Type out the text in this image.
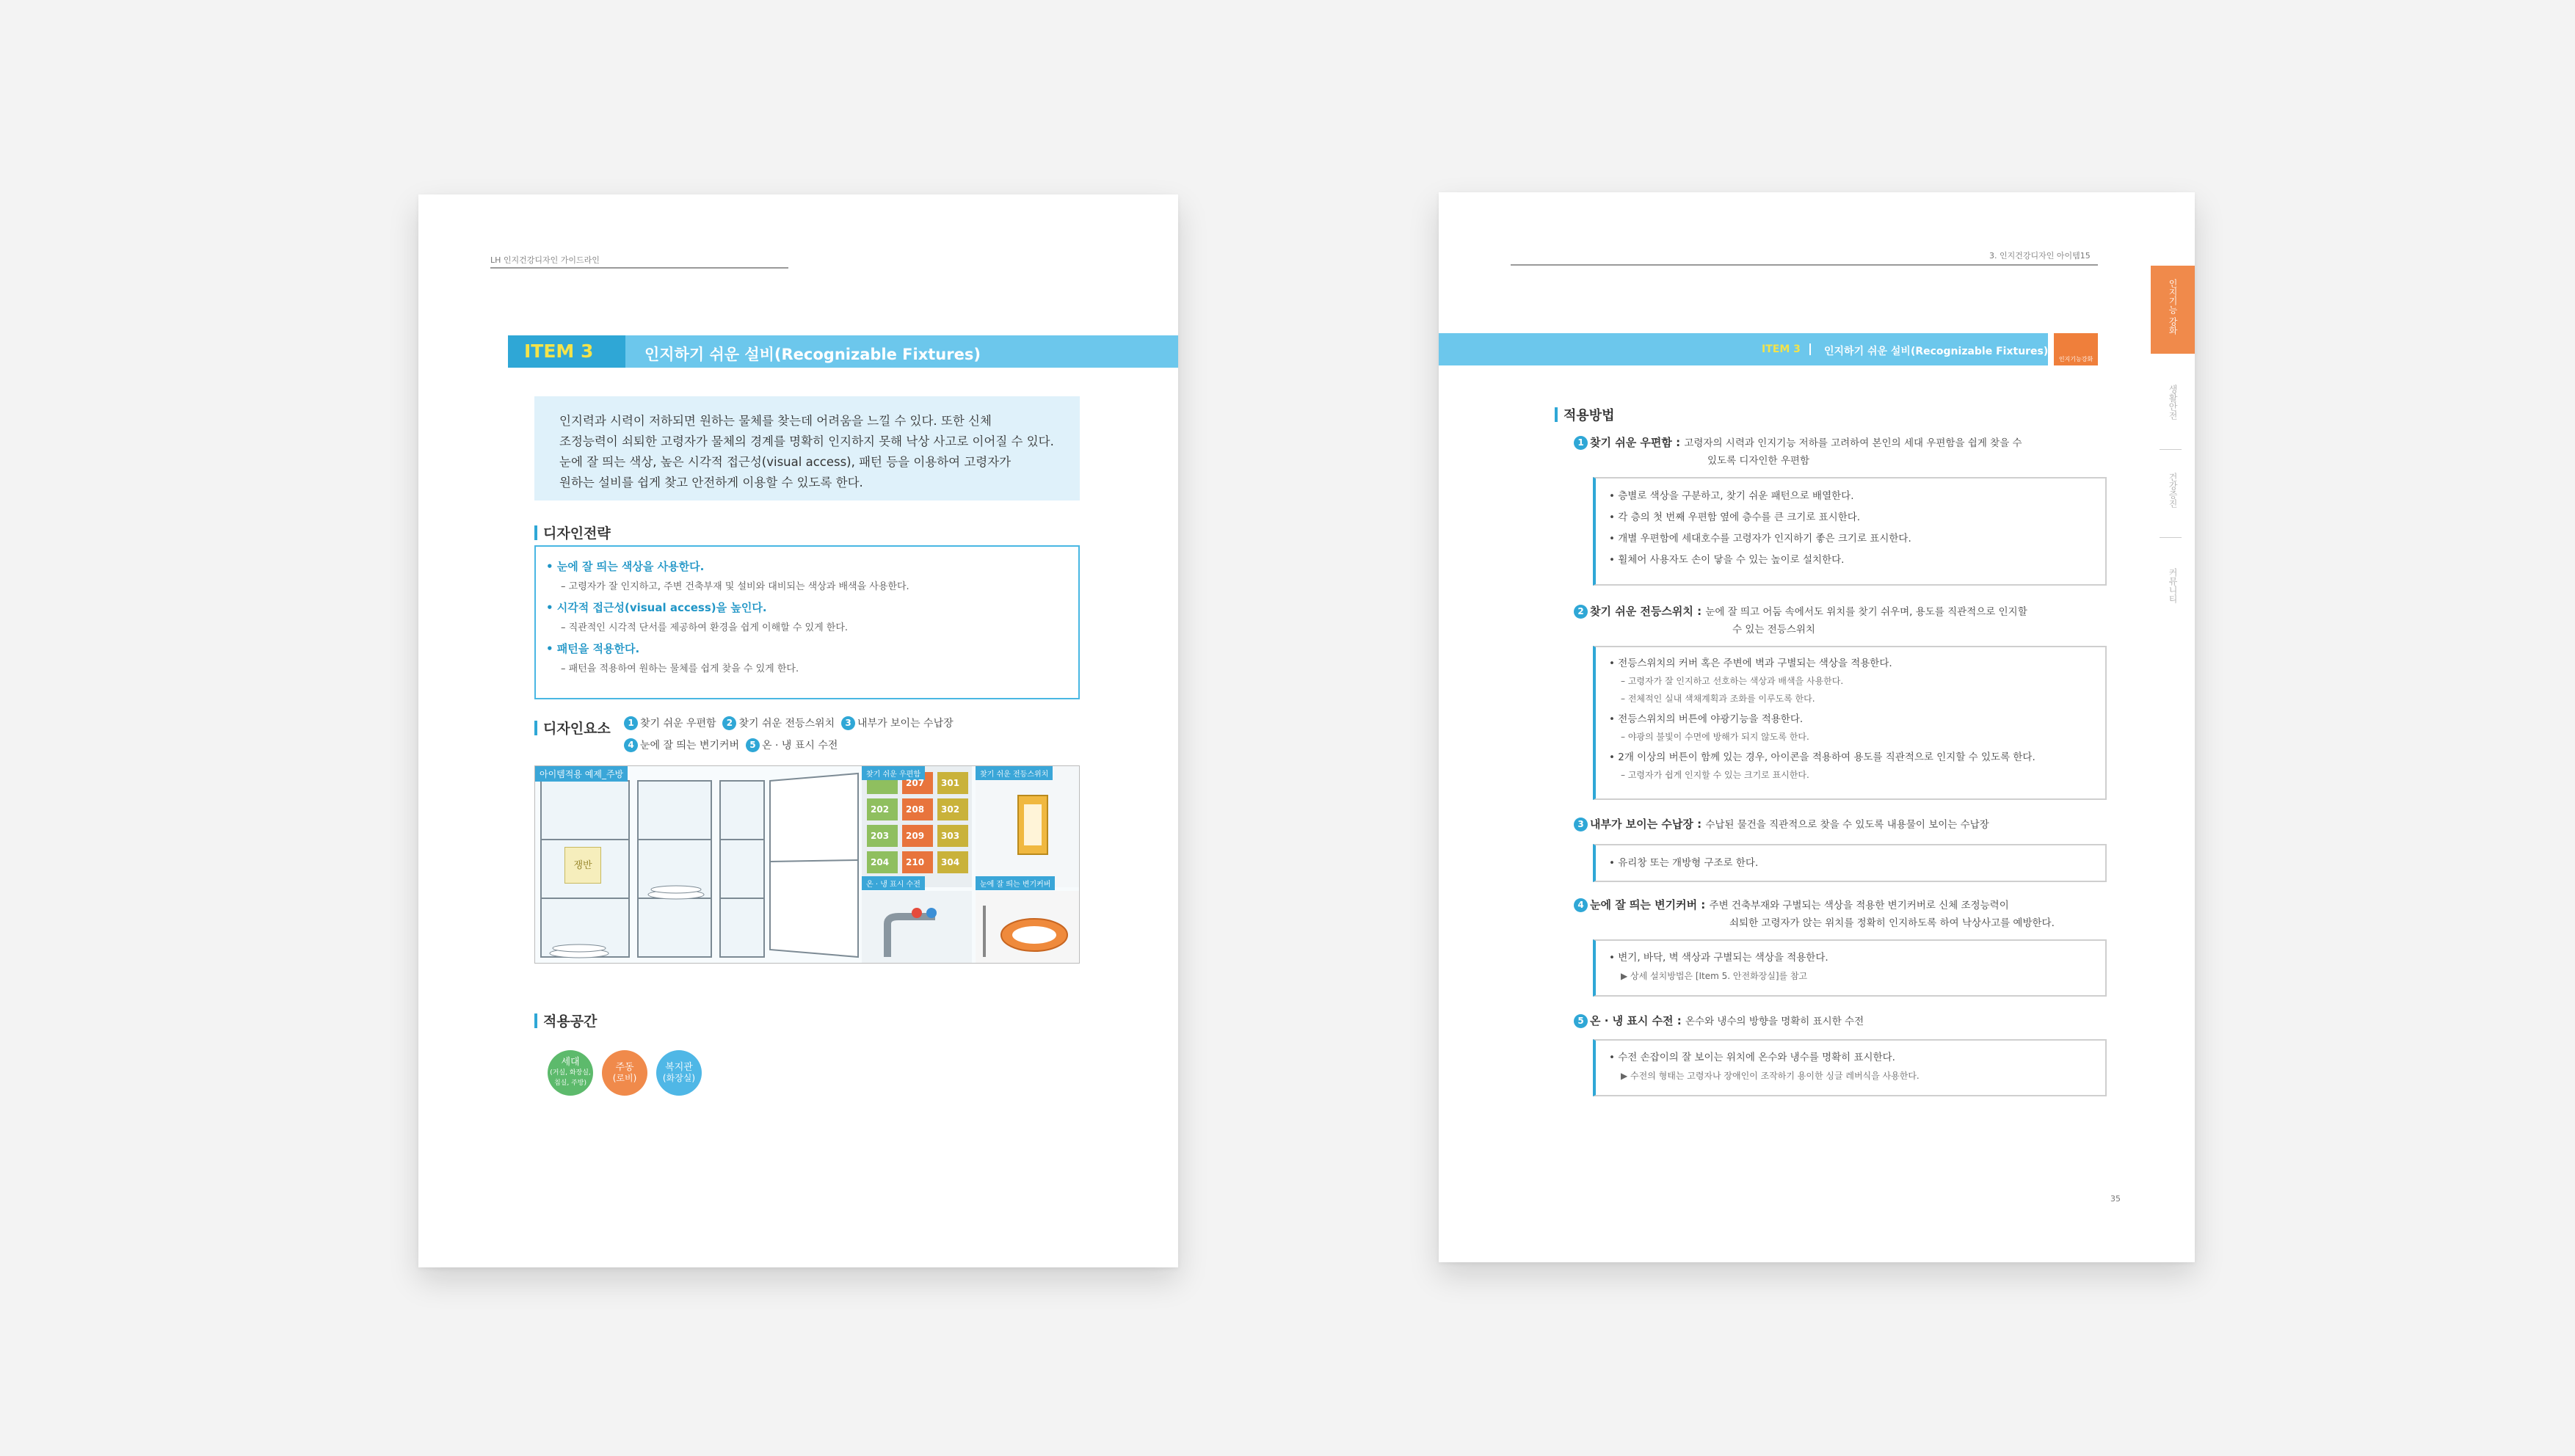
LH 인지건강디자인 가이드라인
ITEM 3	인지하기 쉬운 설비(Recognizable Fixtures)

인지력과 시력이 저하되면 원하는 물체를 찾는데 어려움을 느낄 수 있다. 또한 신체

조정능력이 쇠퇴한 고령자가 물체의 경계를 명확히 인지하지 못해 낙상 사고로 이어질 수 있다.

눈에 잘 띄는 색상, 높은 시각적 접근성(visual access), 패턴 등을 이용하여 고령자가

원하는 설비를 쉽게 찾고 안전하게 이용할 수 있도록 한다.

디자인전략
• 눈에 잘 띄는 색상을 사용한다.
– 고령자가 잘 인지하고, 주변 건축부재 및 설비와 대비되는 색상과 배색을 사용한다.
• 시각적 접근성(visual access)을 높인다.
– 직관적인 시각적 단서를 제공하여 환경을 쉽게 이해할 수 있게 한다.
• 패턴을 적용한다.
– 패턴을 적용하여 원하는 물체를 쉽게 찾을 수 있게 한다.
디자인요소	1 찾기 쉬운 우편함 2 찾기 쉬운 전등스위치 3 내부가 보이는 수납장
4 눈에 잘 띄는 변기커버 5 온 · 냉 표시 수전
아이템적용 예제_주방
쟁반
찾기 쉬운 우편함	찾기 쉬운 전등스위치
온 · 냉 표시 수전	눈에 잘 띄는 변기커버
207 301
202 208 302
203 209 303
204 210 304
적용공간
세대
(거실, 화장실,
침실, 주방)
주동
(로비)
복지관
(화장실)
3. 인지건강디자인 아이템15
인지기능 강화
생활안전
건강증진
커뮤니티
ITEM 3 인지하기 쉬운 설비(Recognizable Fixtures)
인지기능강화
적용방법
1 찾기 쉬운 우편함 : 고령자의 시력과 인지기능 저하를 고려하여 본인의 세대 우편함을 쉽게 찾을 수
있도록 디자인한 우편함
• 층별로 색상을 구분하고, 찾기 쉬운 패턴으로 배열한다.
• 각 층의 첫 번째 우편함 옆에 층수를 큰 크기로 표시한다.
• 개별 우편함에 세대호수를 고령자가 인지하기 좋은 크기로 표시한다.
• 휠체어 사용자도 손이 닿을 수 있는 높이로 설치한다.
2 찾기 쉬운 전등스위치 : 눈에 잘 띄고 어둠 속에서도 위치를 찾기 쉬우며, 용도를 직관적으로 인지할
수 있는 전등스위치
• 전등스위치의 커버 혹은 주변에 벽과 구별되는 색상을 적용한다.
– 고령자가 잘 인지하고 선호하는 색상과 배색을 사용한다.
– 전체적인 실내 색채계획과 조화를 이루도록 한다.
• 전등스위치의 버튼에 야광기능을 적용한다.
– 야광의 불빛이 수면에 방해가 되지 않도록 한다.
• 2개 이상의 버튼이 함께 있는 경우, 아이콘을 적용하여 용도를 직관적으로 인지할 수 있도록 한다.
– 고령자가 쉽게 인지할 수 있는 크기로 표시한다.
3 내부가 보이는 수납장 : 수납된 물건을 직관적으로 찾을 수 있도록 내용물이 보이는 수납장
• 유리창 또는 개방형 구조로 한다.
4 눈에 잘 띄는 변기커버 : 주변 건축부재와 구별되는 색상을 적용한 변기커버로 신체 조정능력이
쇠퇴한 고령자가 앉는 위치를 정확히 인지하도록 하여 낙상사고를 예방한다.
• 변기, 바닥, 벽 색상과 구별되는 색상을 적용한다.
▶ 상세 설치방법은 [Item 5. 안전화장실]를 참고
5 온 · 냉 표시 수전 : 온수와 냉수의 방향을 명확히 표시한 수전
• 수전 손잡이의 잘 보이는 위치에 온수와 냉수를 명확히 표시한다.
▶ 수전의 형태는 고령자나 장애인이 조작하기 용이한 싱글 레버식을 사용한다.
35
